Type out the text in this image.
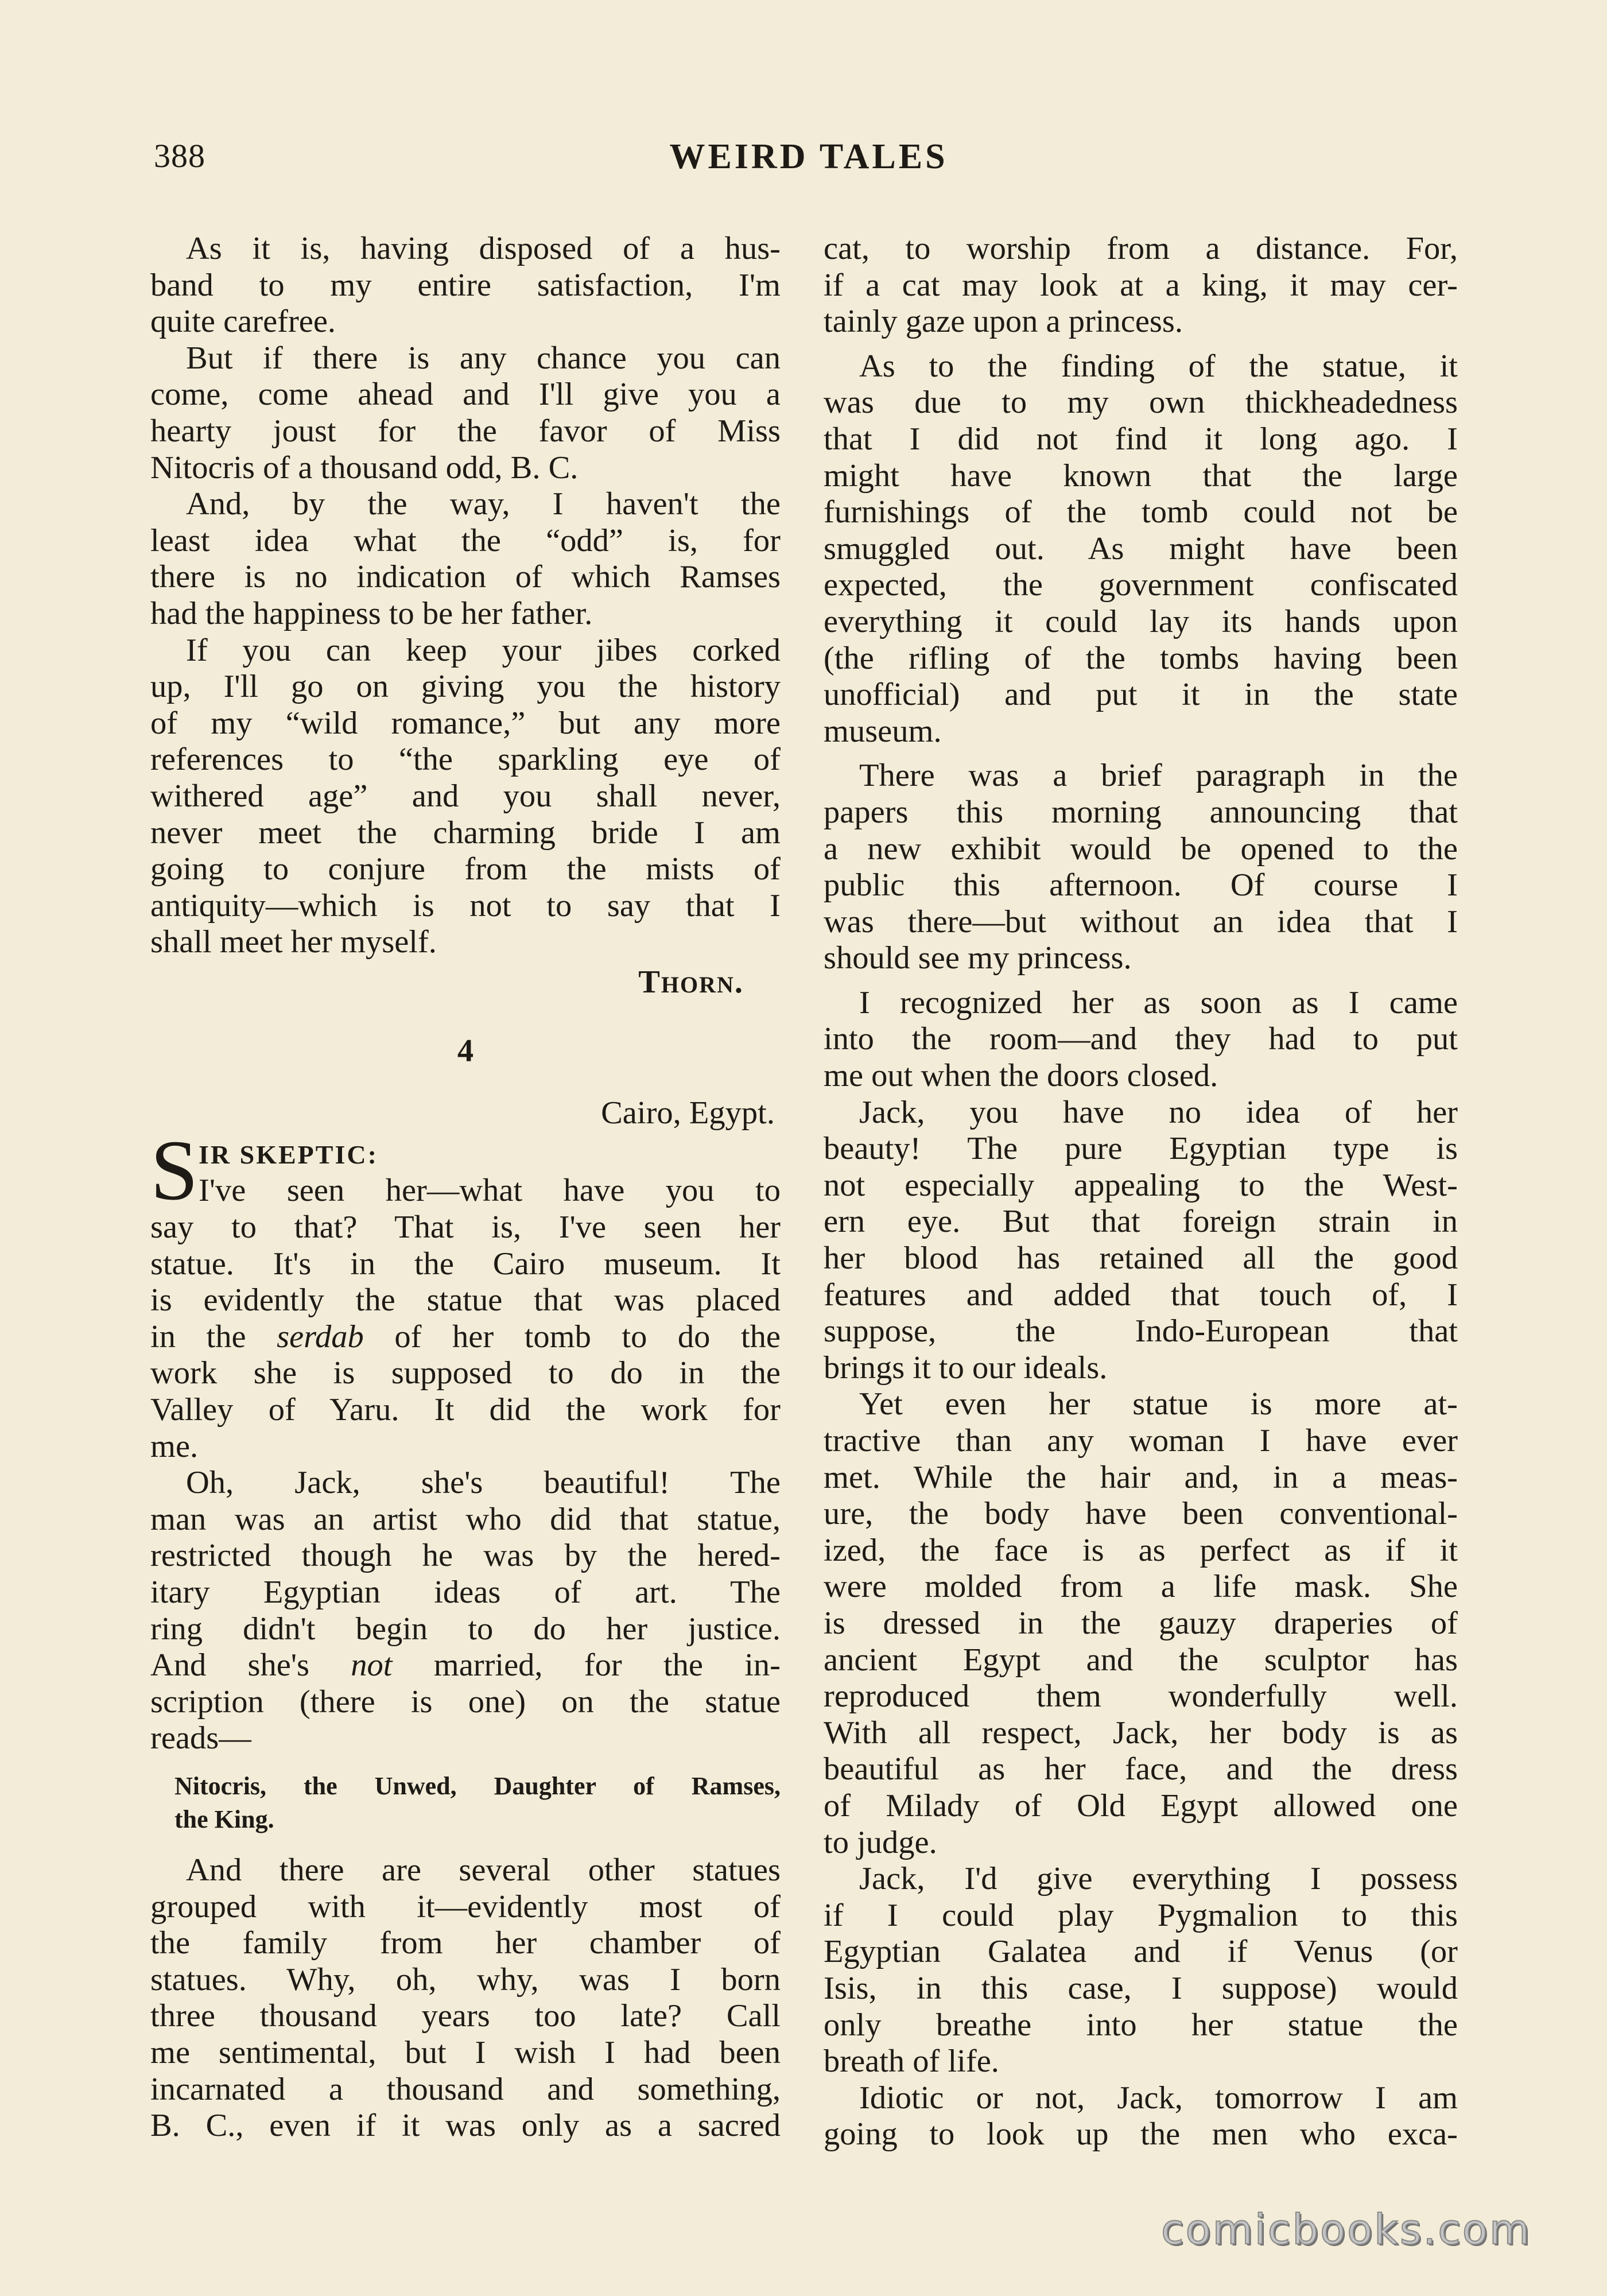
388	WEIRD TALES
As it is, having disposed of a hus-
band to my entire satisfaction, I'm
quite carefree.
But if there is any chance you can
come, come ahead and I'll give you a
hearty joust for the favor of Miss
Nitocris of a thousand odd, B. C.
And, by the way, I haven't the
least idea what the “odd” is, for
there is no indication of which Ramses
had the happiness to be her father.
If you can keep your jibes corked
up, I'll go on giving you the history
of my “wild romance,” but any more
references to “the sparkling eye of
withered age” and you shall never,
never meet the charming bride I am
going to conjure from the mists of
antiquity—which is not to say that I
shall meet her myself.
Thorn.
4
Cairo, Egypt.
S IR SKEPTIC:
I've seen her—what have you to
say to that? That is, I've seen her
statue. It's in the Cairo museum. It
is evidently the statue that was placed
in the serdab of her tomb to do the
work she is supposed to do in the
Valley of Yaru. It did the work for
me.
Oh, Jack, she's beautiful! The
man was an artist who did that statue,
restricted though he was by the hered-
itary Egyptian ideas of art. The
ring didn't begin to do her justice.
And she's not married, for the in-
scription (there is one) on the statue
reads—
Nitocris, the Unwed, Daughter of Ramses,
the King.
And there are several other statues
grouped with it—evidently most of
the family from her chamber of
statues. Why, oh, why, was I born
three thousand years too late? Call
me sentimental, but I wish I had been
incarnated a thousand and something,
B. C., even if it was only as a sacred
cat, to worship from a distance. For,
if a cat may look at a king, it may cer-
tainly gaze upon a princess.
As to the finding of the statue, it
was due to my own thickheadedness
that I did not find it long ago. I
might have known that the large
furnishings of the tomb could not be
smuggled out. As might have been
expected, the government confiscated
everything it could lay its hands upon
(the rifling of the tombs having been
unofficial) and put it in the state
museum.
There was a brief paragraph in the
papers this morning announcing that
a new exhibit would be opened to the
public this afternoon. Of course I
was there—but without an idea that I
should see my princess.
I recognized her as soon as I came
into the room—and they had to put
me out when the doors closed.
Jack, you have no idea of her
beauty! The pure Egyptian type is
not especially appealing to the West-
ern eye. But that foreign strain in
her blood has retained all the good
features and added that touch of, I
suppose, the Indo-European that
brings it to our ideals.
Yet even her statue is more at-
tractive than any woman I have ever
met. While the hair and, in a meas-
ure, the body have been conventional-
ized, the face is as perfect as if it
were molded from a life mask. She
is dressed in the gauzy draperies of
ancient Egypt and the sculptor has
reproduced them wonderfully well.
With all respect, Jack, her body is as
beautiful as her face, and the dress
of Milady of Old Egypt allowed one
to judge.
Jack, I'd give everything I possess
if I could play Pygmalion to this
Egyptian Galatea and if Venus (or
Isis, in this case, I suppose) would
only breathe into her statue the
breath of life.
Idiotic or not, Jack, tomorrow I am
going to look up the men who exca-
comicbooks.com
